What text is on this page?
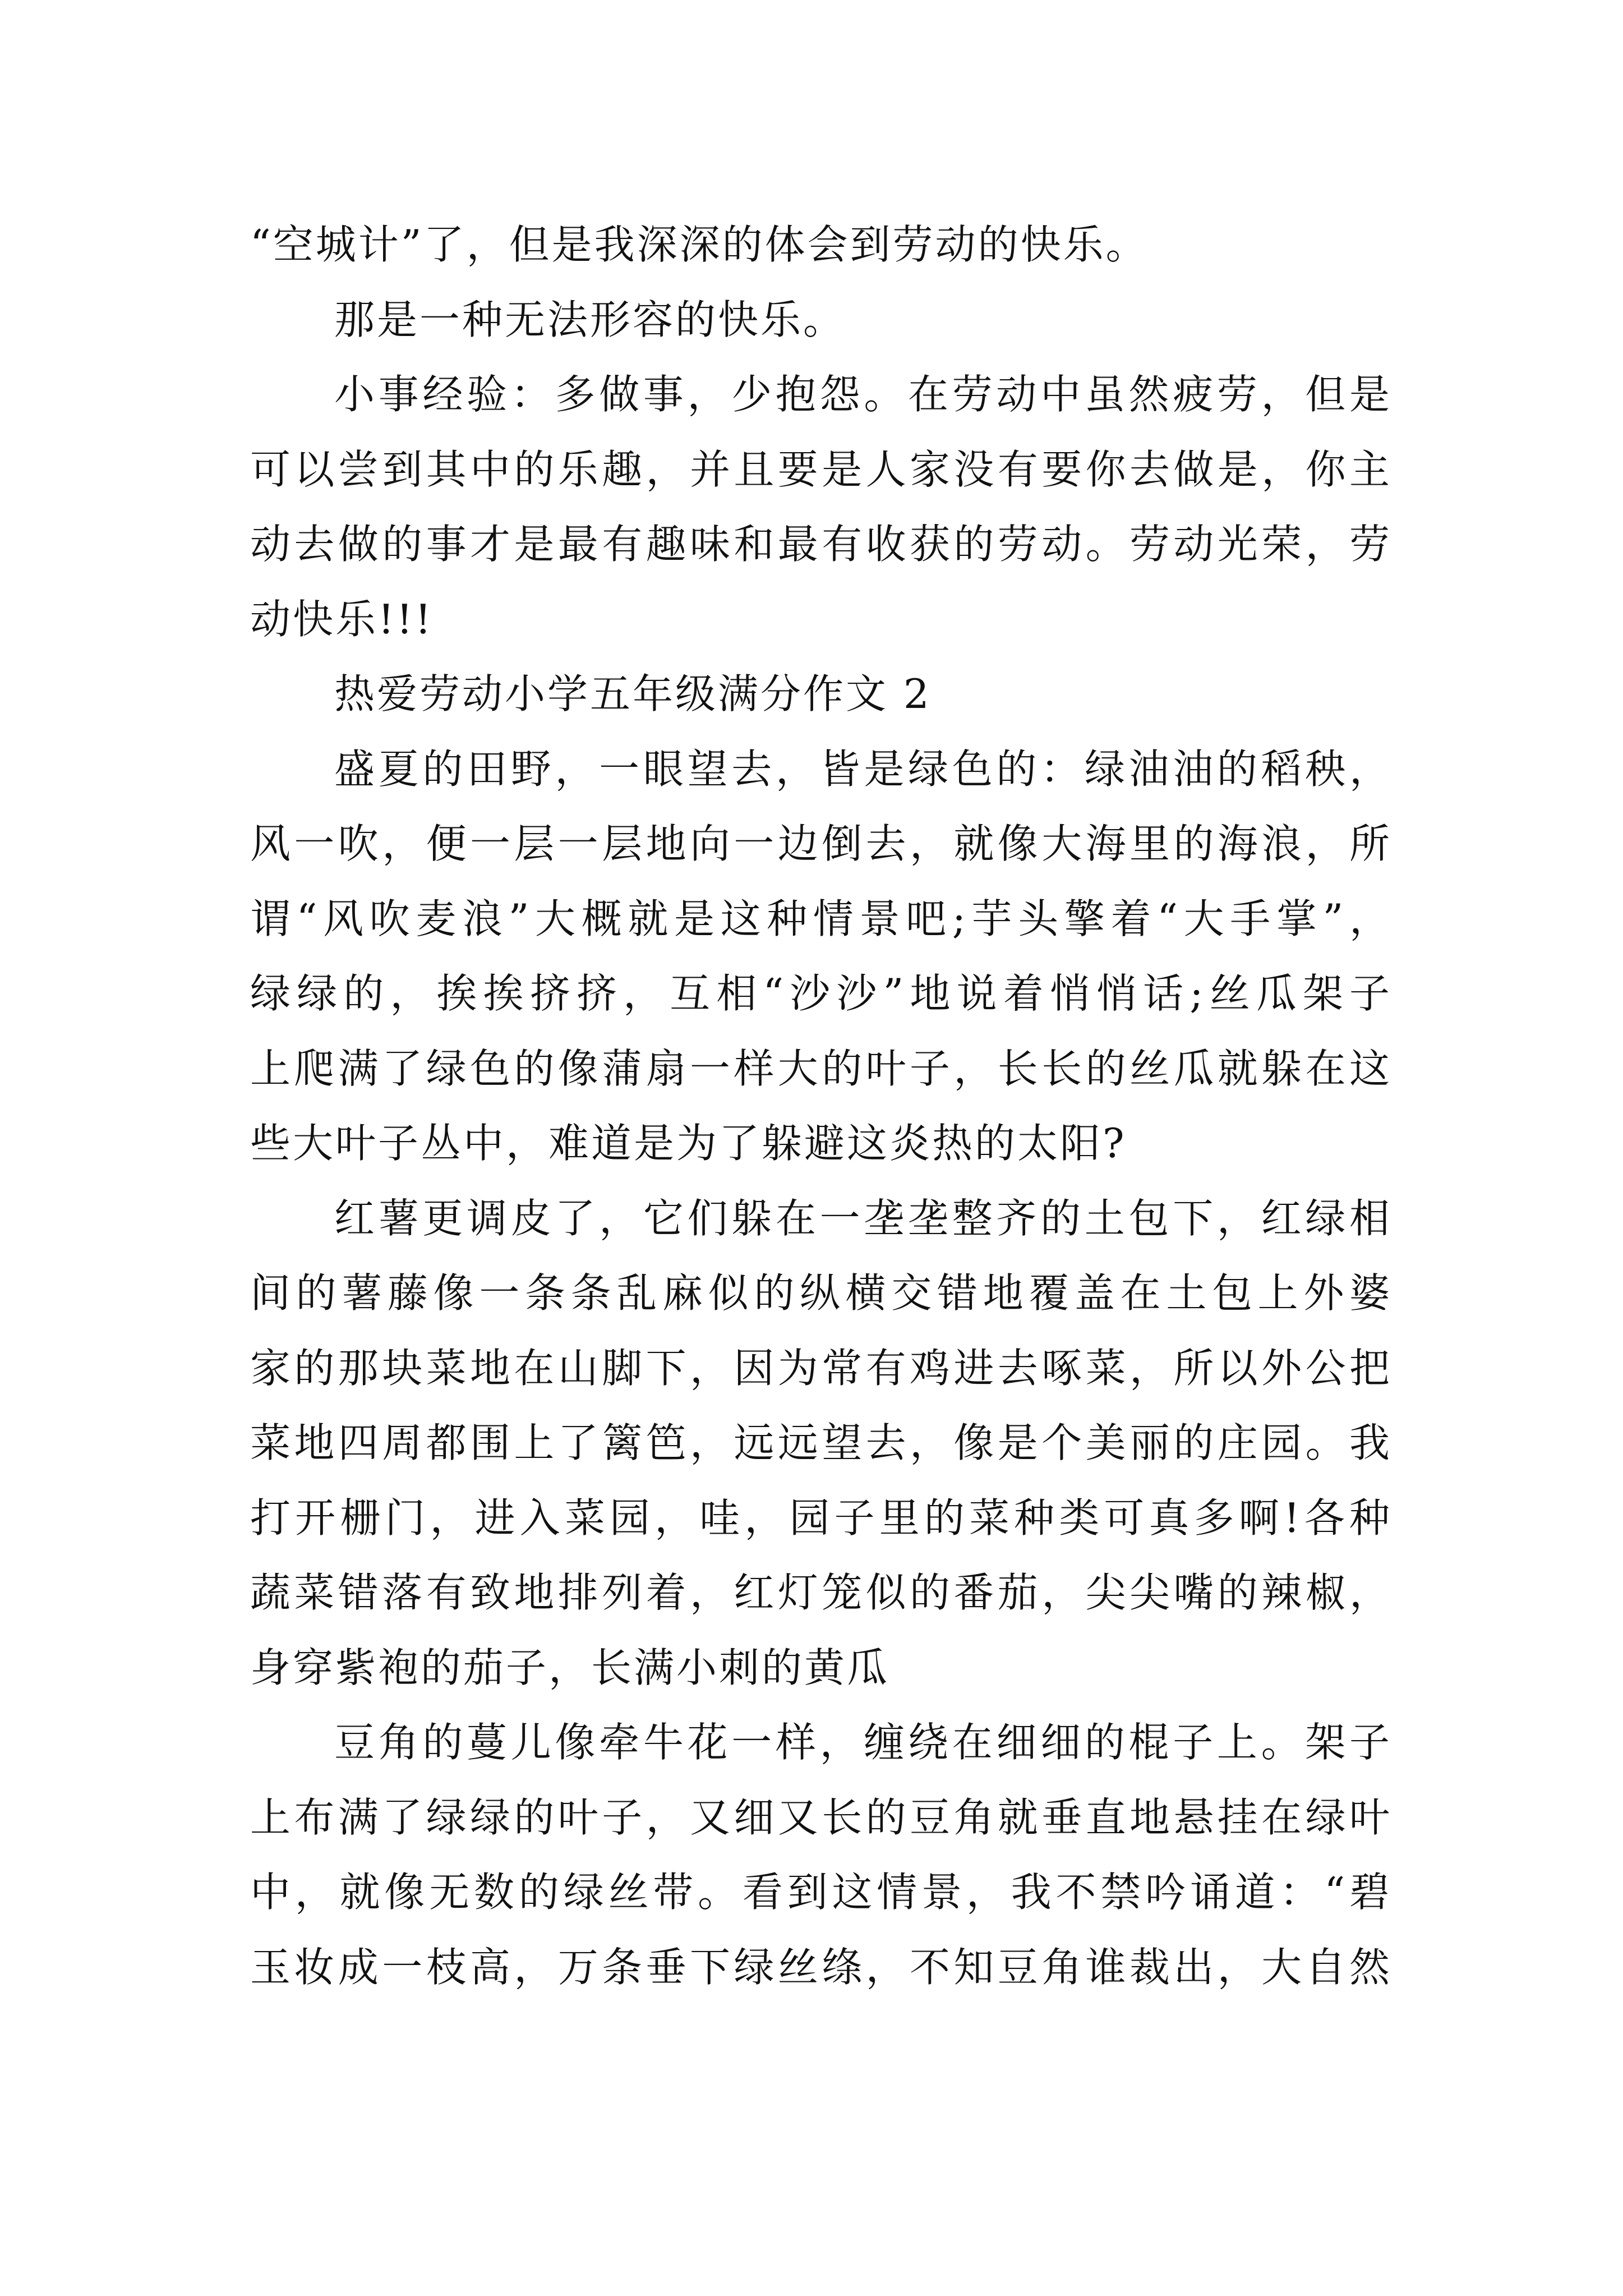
“空城计”了，但是我深深的体会到劳动的快乐。
那是一种无法形容的快乐。
小事经验：多做事，少抱怨。在劳动中虽然疲劳，但是
可以尝到其中的乐趣，并且要是人家没有要你去做是，你主
动去做的事才是最有趣味和最有收获的劳动。劳动光荣，劳
动快乐!!!
热爱劳动小学五年级满分作文 2
盛夏的田野，一眼望去，皆是绿色的：绿油油的稻秧，
风一吹，便一层一层地向一边倒去，就像大海里的海浪，所
谓“风吹麦浪”大概就是这种情景吧;芋头擎着“大手掌”，
绿绿的，挨挨挤挤，互相“沙沙”地说着悄悄话;丝瓜架子
上爬满了绿色的像蒲扇一样大的叶子，长长的丝瓜就躲在这
些大叶子丛中，难道是为了躲避这炎热的太阳?
红薯更调皮了，它们躲在一垄垄整齐的土包下，红绿相
间的薯藤像一条条乱麻似的纵横交错地覆盖在土包上外婆
家的那块菜地在山脚下，因为常有鸡进去啄菜，所以外公把
菜地四周都围上了篱笆，远远望去，像是个美丽的庄园。我
打开栅门，进入菜园，哇，园子里的菜种类可真多啊!各种
蔬菜错落有致地排列着，红灯笼似的番茄，尖尖嘴的辣椒，
身穿紫袍的茄子，长满小刺的黄瓜
豆角的蔓儿像牵牛花一样，缠绕在细细的棍子上。架子
上布满了绿绿的叶子，又细又长的豆角就垂直地悬挂在绿叶
中，就像无数的绿丝带。看到这情景，我不禁吟诵道：“碧
玉妆成一枝高，万条垂下绿丝绦，不知豆角谁裁出，大自然
